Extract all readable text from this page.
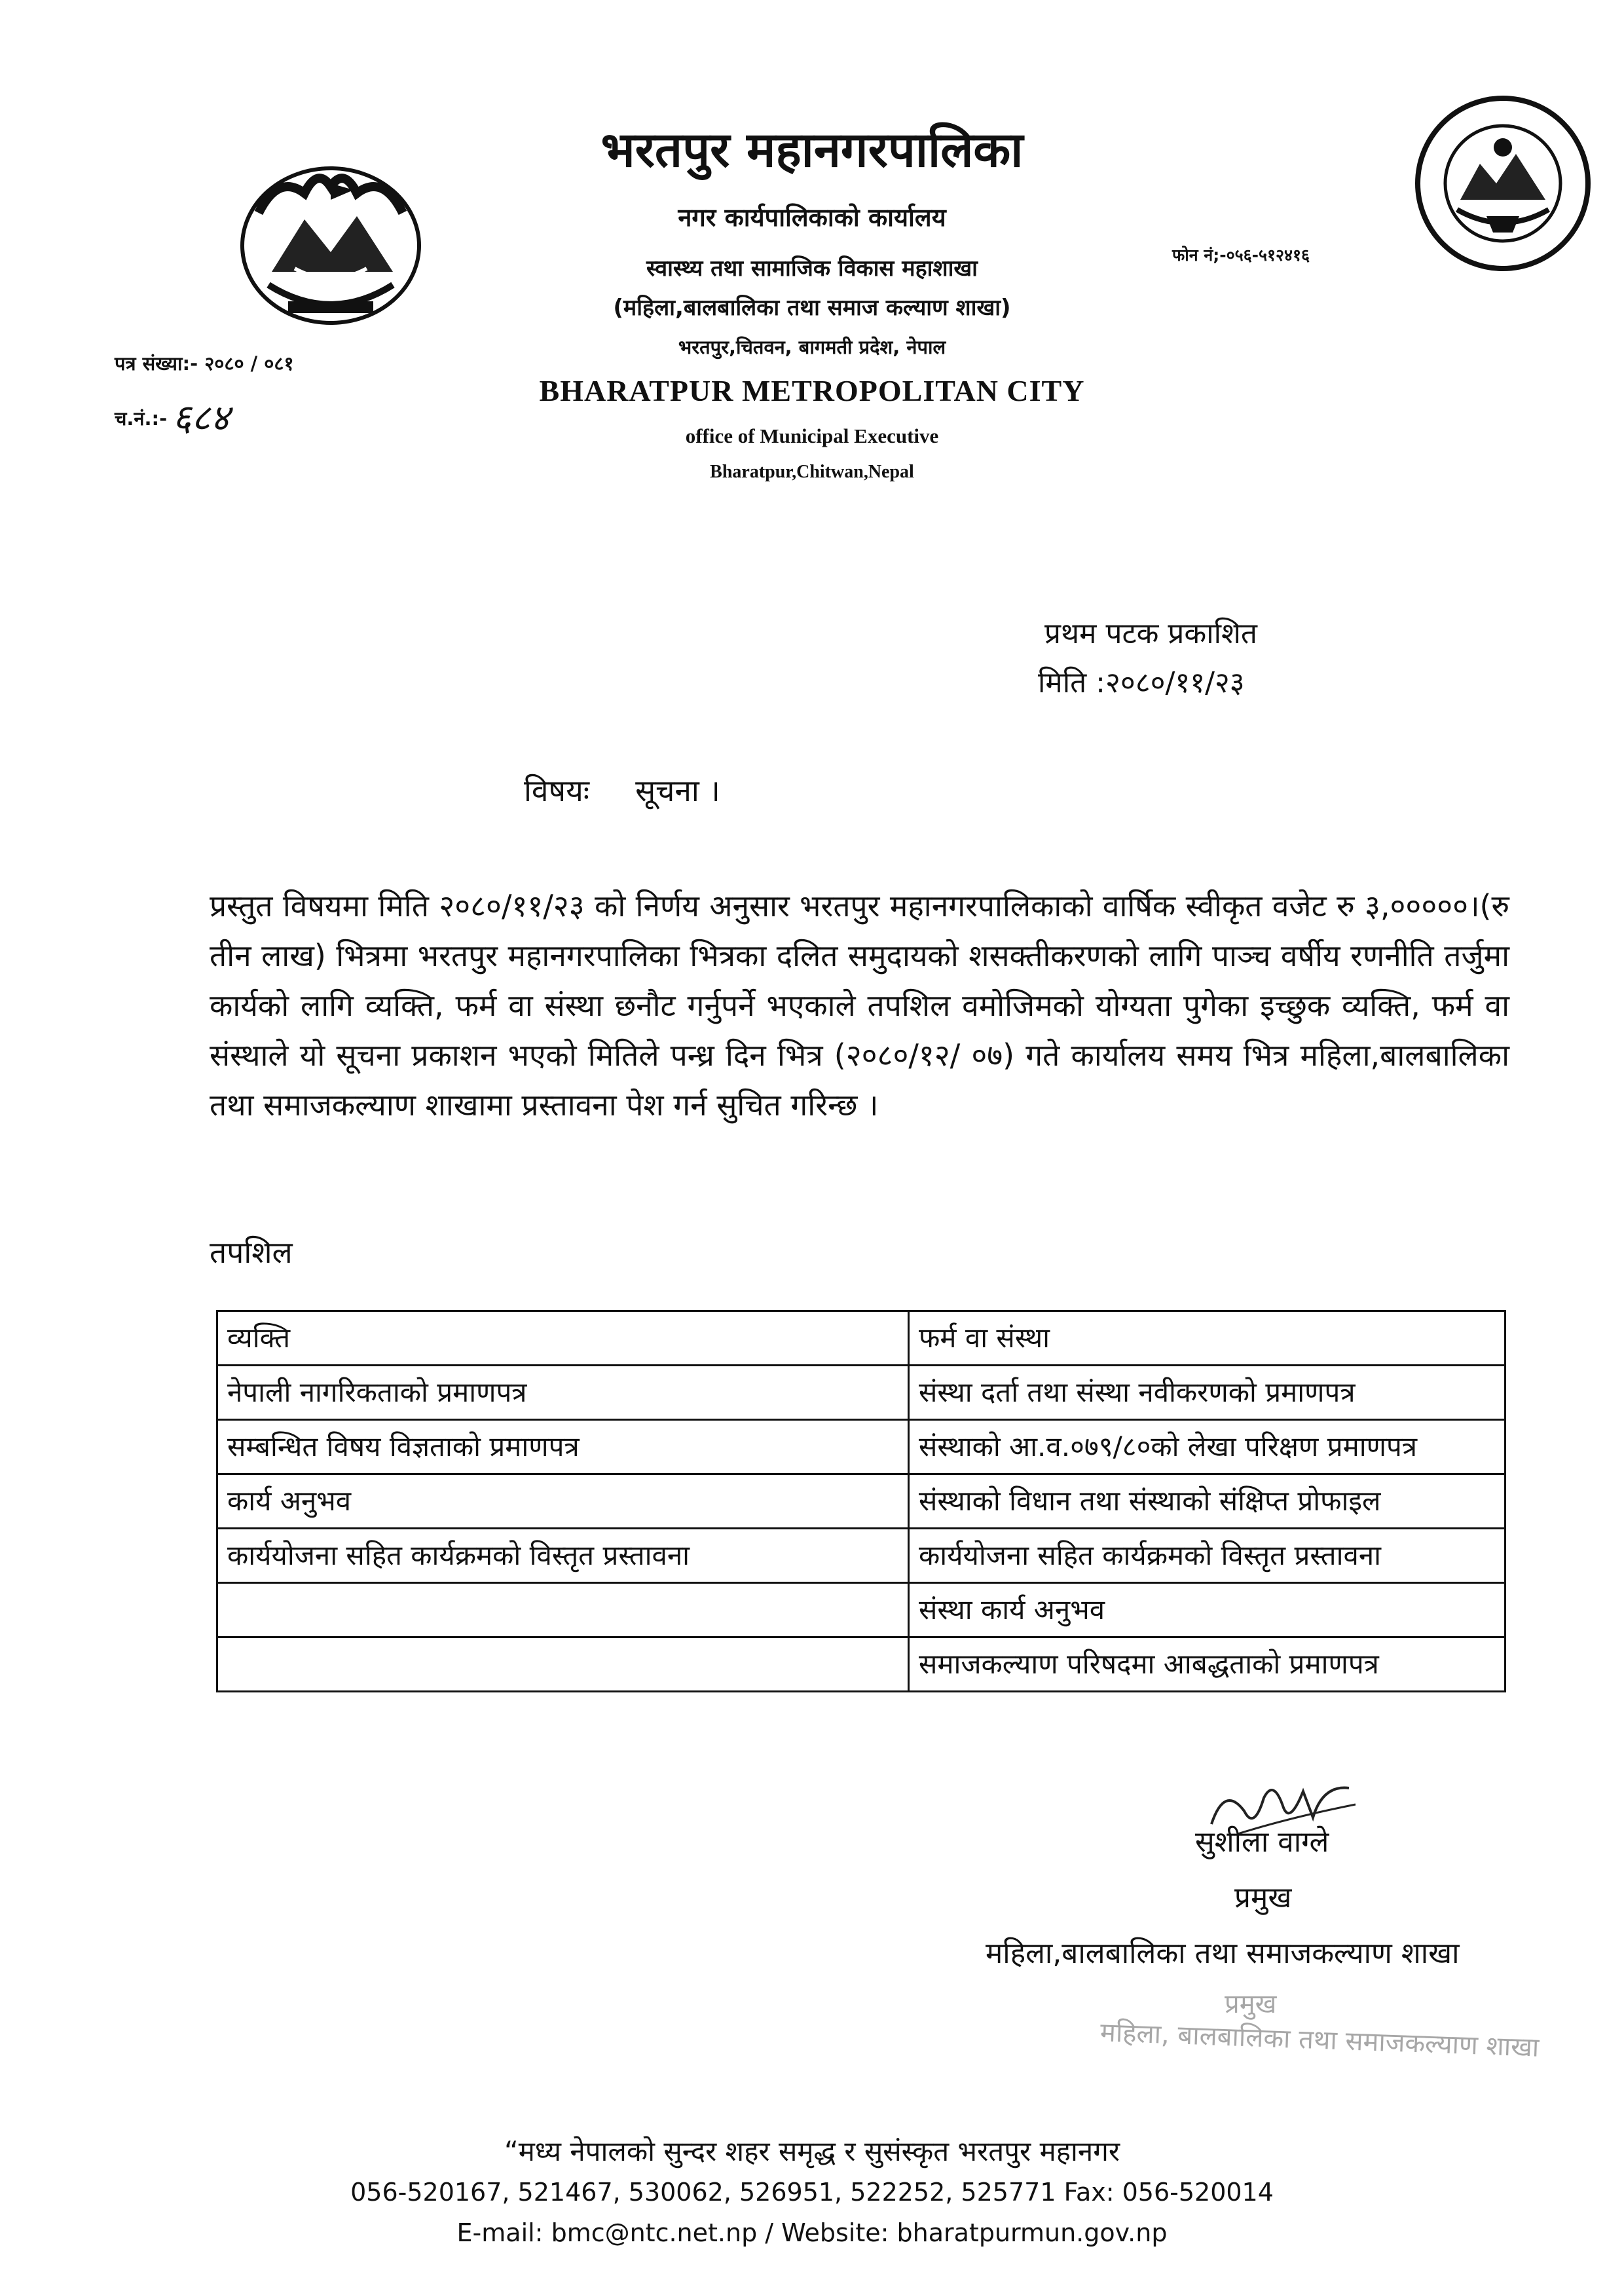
भरतपुर महानगरपालिका
नगर कार्यपालिकाको कार्यालय
स्वास्थ्य तथा सामाजिक विकास महाशाखा
(महिला,बालबालिका तथा समाज कल्याण शाखा)
भरतपुर,चितवन, बागमती प्रदेश, नेपाल
BHARATPUR METROPOLITAN CITY
office of Municipal Executive
Bharatpur,Chitwan,Nepal
फोन नं;-०५६-५१२४१६
पत्र संख्या:- २०८० / ०८१
च.नं.:- ६८४
प्रथम पटक प्रकाशित
मिति :२०८०/११/२३
विषयः सूचना ।
प्रस्तुत विषयमा मिति २०८०/११/२३ को निर्णय अनुसार भरतपुर महानगरपालिकाको वार्षिक स्वीकृत वजेट रु ३,०००००।(रु तीन लाख) भित्रमा भरतपुर महानगरपालिका भित्रका दलित समुदायको शसक्तीकरणको लागि पाञ्च वर्षीय रणनीति तर्जुमा कार्यको लागि व्यक्ति, फर्म वा संस्था छनौट गर्नुपर्ने भएकाले तपशिल वमोजिमको योग्यता पुगेका इच्छुक व्यक्ति, फर्म वा संस्थाले यो सूचना प्रकाशन भएको मितिले पन्ध्र दिन भित्र (२०८०/१२/ ०७) गते कार्यालय समय भित्र महिला,बालबालिका तथा समाजकल्याण शाखामा प्रस्तावना पेश गर्न सुचित गरिन्छ ।
तपशिल
व्यक्ति	फर्म वा संस्था
नेपाली नागरिकताको प्रमाणपत्र	संस्था दर्ता तथा संस्था नवीकरणको प्रमाणपत्र
सम्बन्धित विषय विज्ञताको प्रमाणपत्र	संस्थाको आ.व.०७९/८०को लेखा परिक्षण प्रमाणपत्र
कार्य अनुभव	संस्थाको विधान तथा संस्थाको संक्षिप्त प्रोफाइल
कार्ययोजना सहित कार्यक्रमको विस्तृत प्रस्तावना	कार्ययोजना सहित कार्यक्रमको विस्तृत प्रस्तावना
	संस्था कार्य अनुभव
	समाजकल्याण परिषदमा आबद्धताको प्रमाणपत्र
सुशीला वाग्ले
प्रमुख
महिला,बालबालिका तथा समाजकल्याण शाखा
प्रमुख
महिला, बालबालिका तथा समाजकल्याण शाखा
“मध्य नेपालको सुन्दर शहर समृद्ध र सुसंस्कृत भरतपुर महानगर
056-520167, 521467, 530062, 526951, 522252, 525771 Fax: 056-520014
E-mail: bmc@ntc.net.np / Website: bharatpurmun.gov.np
